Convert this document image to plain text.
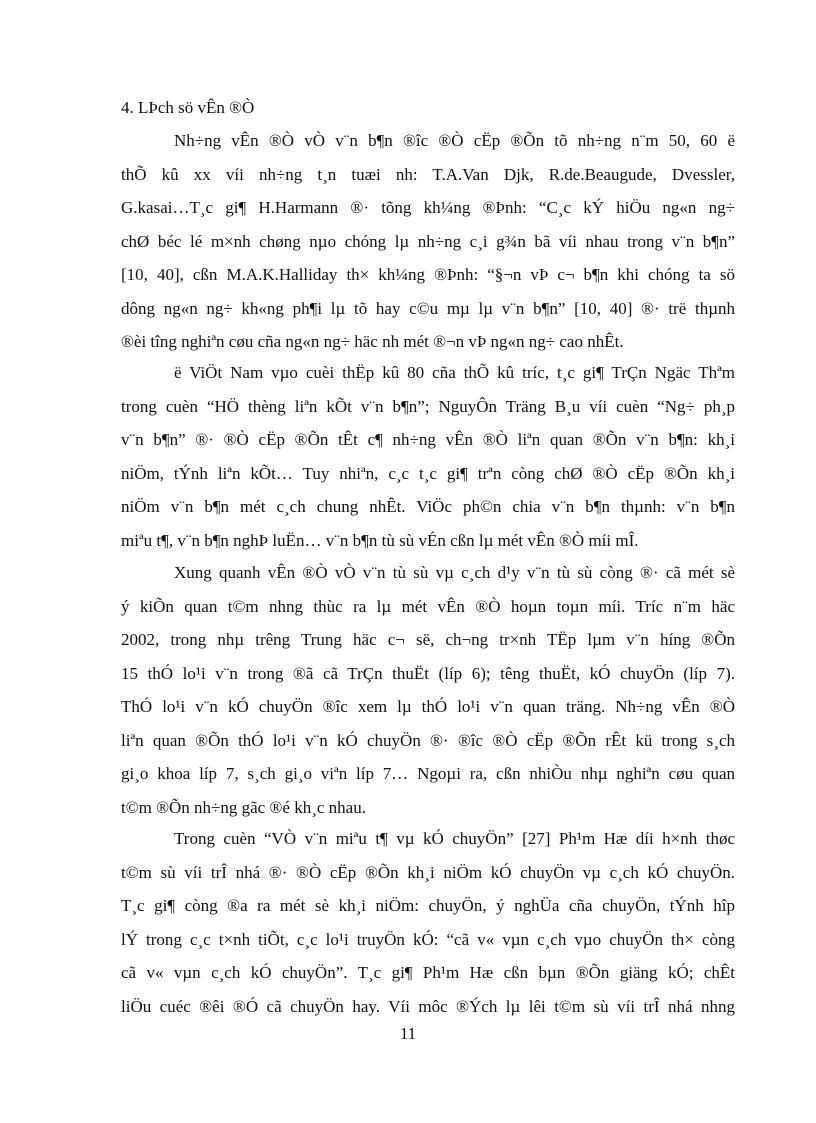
4. LÞch sö vÊn ®Ò
Nh÷ng vÊn ®Ò vÒ v¨n b¶n ®îc ®Ò cËp ®Õn tõ nh÷ng n¨m 50, 60 ë
thÕ kû xx víi nh÷ng t¸n tuæi nh: T.A.Van Djk, R.de.Beaugude, Dvessler,
G.kasai…T¸c gi¶ H.Harmann ®· tõng kh¼ng ®Þnh: “C¸c kÝ hiÖu ng«n ng÷
chØ béc lé m×nh chøng nµo chóng lµ nh÷ng c¸i g¾n bã víi nhau trong v¨n b¶n”
[10, 40], cßn M.A.K.Halliday th× kh¼ng ®Þnh: “§¬n vÞ c¬ b¶n khi chóng ta sö
dông ng«n ng÷ kh«ng ph¶i lµ tõ hay c©u mµ lµ v¨n b¶n” [10, 40] ®· trë thµnh
®èi tîng nghiªn cøu cña ng«n ng÷ häc nh mét ®¬n vÞ ng«n ng÷ cao nhÊt.
ë ViÖt Nam vµo cuèi thËp kû 80 cña thÕ kû tríc, t¸c gi¶ TrÇn Ngäc Thªm
trong cuèn “HÖ thèng liªn kÕt v¨n b¶n”; NguyÔn Träng B¸u víi cuèn “Ng÷ ph¸p
v¨n b¶n” ®· ®Ò cËp ®Õn tÊt c¶ nh÷ng vÊn ®Ò liªn quan ®Õn v¨n b¶n: kh¸i
niÖm, tÝnh liªn kÕt… Tuy nhiªn, c¸c t¸c gi¶ trªn còng chØ ®Ò cËp ®Õn kh¸i
niÖm v¨n b¶n mét c¸ch chung nhÊt. ViÖc ph©n chia v¨n b¶n thµnh: v¨n b¶n
miªu t¶, v¨n b¶n nghÞ luËn… v¨n b¶n tù sù vÉn cßn lµ mét vÊn ®Ò míi mÎ.
Xung quanh vÊn ®Ò vÒ v¨n tù sù vµ c¸ch d¹y v¨n tù sù còng ®· cã mét sè
ý kiÕn quan t©m nhng thùc ra lµ mét vÊn ®Ò hoµn toµn míi. Tríc n¨m häc
2002, trong nhµ trêng Trung häc c¬ së, ch¬ng tr×nh TËp lµm v¨n híng ®Õn
15 thÓ lo¹i v¨n trong ®ã cã TrÇn thuËt (líp 6); têng thuËt, kÓ chuyÖn (líp 7).
ThÓ lo¹i v¨n kÓ chuyÖn ®îc xem lµ thÓ lo¹i v¨n quan träng. Nh÷ng vÊn ®Ò
liªn quan ®Õn thÓ lo¹i v¨n kÓ chuyÖn ®· ®îc ®Ò cËp ®Õn rÊt kü trong s¸ch
gi¸o khoa líp 7, s¸ch gi¸o viªn líp 7… Ngoµi ra, cßn nhiÒu nhµ nghiªn cøu quan
t©m ®Õn nh÷ng gãc ®é kh¸c nhau.
Trong cuèn “VÒ v¨n miªu t¶ vµ kÓ chuyÖn” [27] Ph¹m Hæ díi h×nh thøc
t©m sù víi trÎ nhá ®· ®Ò cËp ®Õn kh¸i niÖm kÓ chuyÖn vµ c¸ch kÓ chuyÖn.
T¸c gi¶ còng ®a ra mét sè kh¸i niÖm: chuyÖn, ý nghÜa cña chuyÖn, tÝnh hîp
lÝ trong c¸c t×nh tiÕt, c¸c lo¹i truyÖn kÓ: “cã v« vµn c¸ch vµo chuyÖn th× còng
cã v« vµn c¸ch kÓ chuyÖn”. T¸c gi¶ Ph¹m Hæ cßn bµn ®Õn giäng kÓ; chÊt
liÖu cuéc ®êi ®Ó cã chuyÖn hay. Víi môc ®Ých lµ lêi t©m sù víi trÎ nhá nhng
11
